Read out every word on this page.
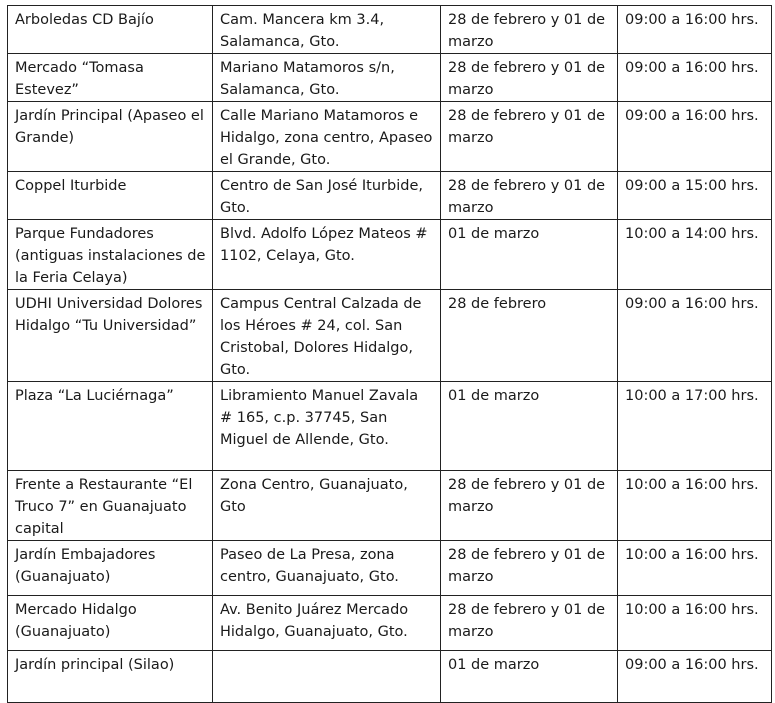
Arboledas CD Bajío	Cam. Mancera km 3.4, Salamanca, Gto.	28 de febrero y 01 de marzo	09:00 a 16:00 hrs.

Mercado “Tomasa Estevez”	Mariano Matamoros s/n, Salamanca, Gto.	28 de febrero y 01 de marzo	09:00 a 16:00 hrs.

Jardín Principal (Apaseo el Grande)	Calle Mariano Matamoros e Hidalgo, zona centro, Apaseo el Grande, Gto.	28 de febrero y 01 de marzo	09:00 a 16:00 hrs.

Coppel Iturbide	Centro de San José Iturbide, Gto.	28 de febrero y 01 de marzo	09:00 a 15:00 hrs.

Parque Fundadores (antiguas instalaciones de la Feria Celaya)	Blvd. Adolfo López Mateos # 1102, Celaya, Gto.	01 de marzo	10:00 a 14:00 hrs.

UDHI Universidad Dolores Hidalgo “Tu Universidad”	Campus Central Calzada de los Héroes # 24, col. San Cristobal, Dolores Hidalgo, Gto.	28 de febrero	09:00 a 16:00 hrs.

Plaza “La Luciérnaga”	Libramiento Manuel Zavala # 165, c.p. 37745, San Miguel de Allende, Gto.	01 de marzo	10:00 a 17:00 hrs.

Frente a Restaurante “El Truco 7” en Guanajuato capital	Zona Centro, Guanajuato, Gto	28 de febrero y 01 de marzo	10:00 a 16:00 hrs.

Jardín Embajadores (Guanajuato)	Paseo de La Presa, zona centro, Guanajuato, Gto.	28 de febrero y 01 de marzo	10:00 a 16:00 hrs.

Mercado Hidalgo (Guanajuato)	Av. Benito Juárez Mercado Hidalgo, Guanajuato, Gto.	28 de febrero y 01 de marzo	10:00 a 16:00 hrs.

Jardín principal (Silao)		01 de marzo	09:00 a 16:00 hrs.
